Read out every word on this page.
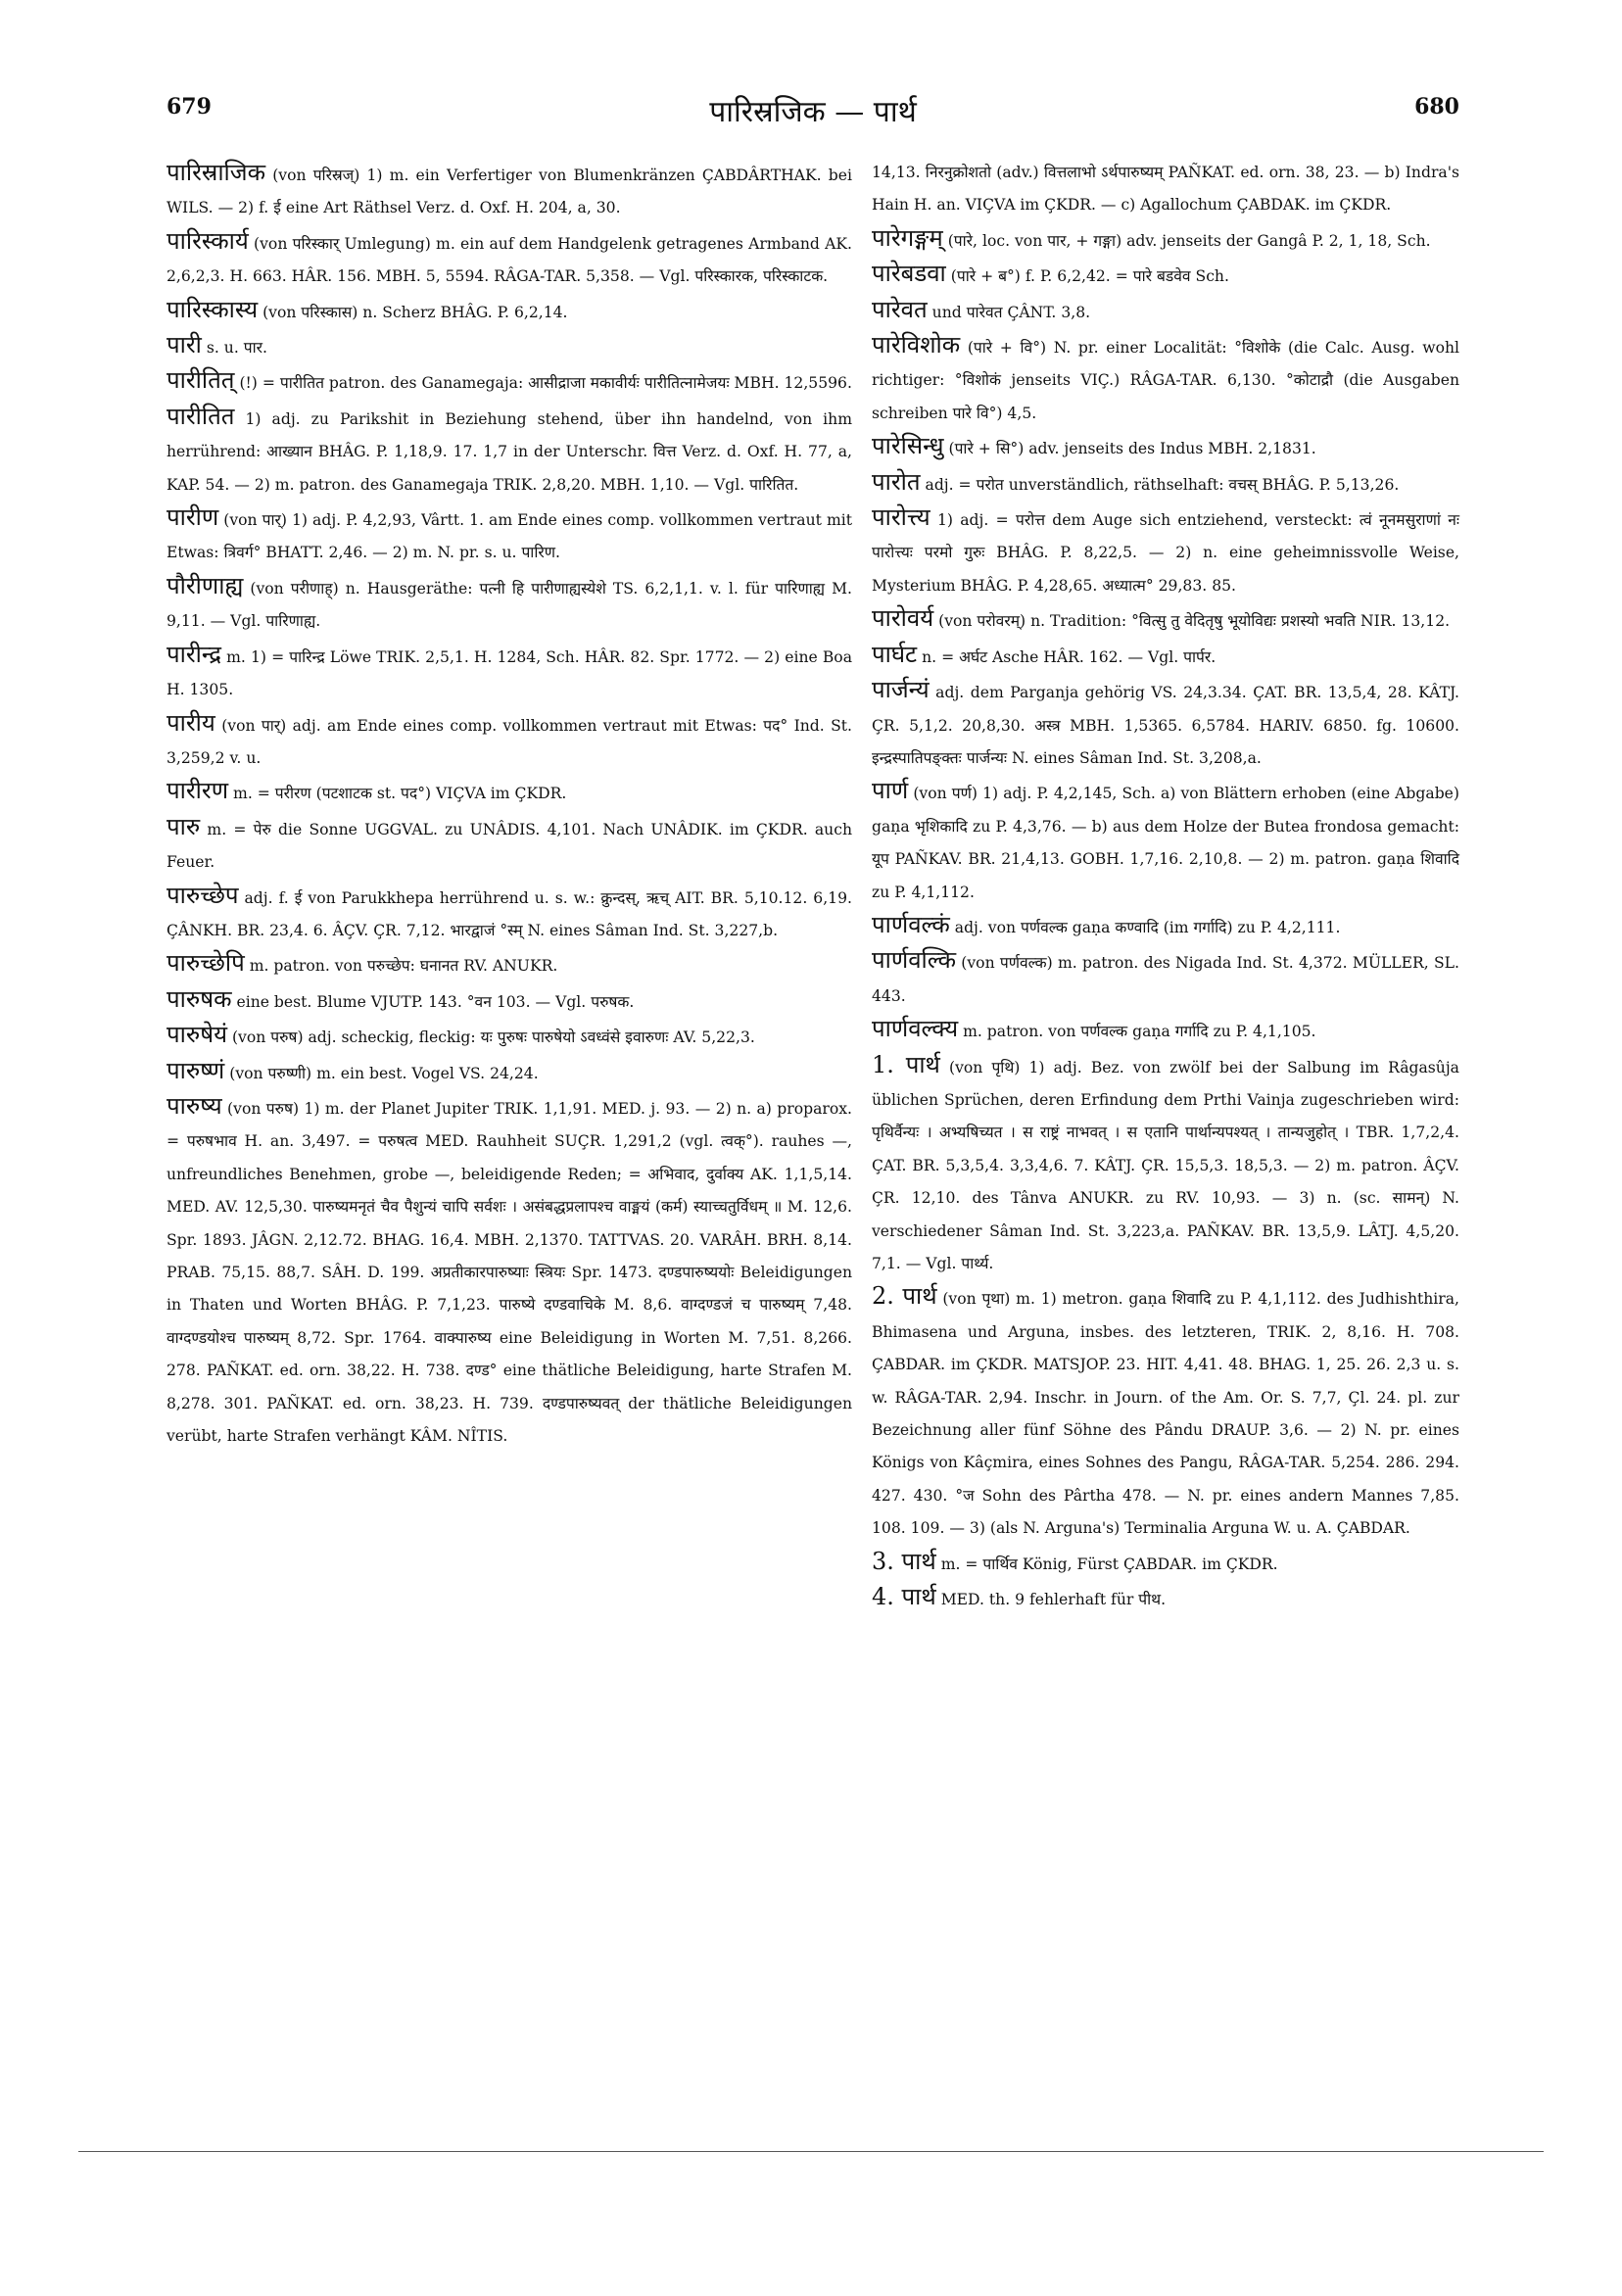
679	पारिस्रजिक — पार्थ	680

पारिस्राजिक (von परिस्रज्) 1) m. ein Verfertiger von Blumenkränzen ÇABDÂRTHAK. bei WILS. — 2) f. ई eine Art Räthsel Verz. d. Oxf. H. 204, a, 30.

पारिस्कार्य (von परिस्कार् Umlegung) m. ein auf dem Handgelenk getragenes Armband AK. 2,6,2,3. H. 663. HÂR. 156. MBH. 5, 5594. RÂGA-TAR. 5,358. — Vgl. परिस्कारक, परिस्काटक.

पारिस्कास्य (von परिस्कास) n. Scherz BHÂG. P. 6,2,14.

पारी s. u. पार.

पारीतित् (!) = पारीतित patron. des Ganamegaja: आसीद्राजा मकावीर्यः पारीतित्नामेजयः MBH. 12,5596.

पारीतित 1) adj. zu Parikshit in Beziehung stehend, über ihn handelnd, von ihm herrührend: आख्यान BHÂG. P. 1,18,9. 17. 1,7 in der Unterschr. वित्त Verz. d. Oxf. H. 77, a, KAP. 54. — 2) m. patron. des Ganamegaja TRIK. 2,8,20. MBH. 1,10. — Vgl. पारितित.

पारीण (von पार्) 1) adj. P. 4,2,93, Vârtt. 1. am Ende eines comp. vollkommen vertraut mit Etwas: त्रिवर्ग° BHATT. 2,46. — 2) m. N. pr. s. u. पारिण.

पौरीणाह्य (von परीणाह्) n. Hausgeräthe: पत्नी हि पारीणाह्यस्येशे TS. 6,2,1,1. v. l. für पारिणाह्य M. 9,11. — Vgl. पारिणाह्य.

पारीन्द्र m. 1) = पारिन्द्र Löwe TRIK. 2,5,1. H. 1284, Sch. HÂR. 82. Spr. 1772. — 2) eine Boa H. 1305.

पारीय (von पार्) adj. am Ende eines comp. vollkommen vertraut mit Etwas: पद° Ind. St. 3,259,2 v. u.

पारीरण m. = परीरण (पटशाटक st. पद°) VIÇVA im ÇKDR.

पारु m. = पेरु die Sonne UGGVAL. zu UNÂDIS. 4,101. Nach UNÂDIK. im ÇKDR. auch Feuer.

पारुच्छेप adj. f. ई von Parukkhepa herrührend u. s. w.: क्रुन्दस्, ऋच् AIT. BR. 5,10.12. 6,19. ÇÂNKH. BR. 23,4. 6. ÂÇV. ÇR. 7,12. भारद्वाजं °स्म् N. eines Sâman Ind. St. 3,227,b.

पारुच्छेपि m. patron. von परुच्छेप: घनानत RV. ANUKR.

पारुषक eine best. Blume VJUTP. 143. °वन 103. — Vgl. परुषक.

पारुषेयं (von परुष) adj. scheckig, fleckig: यः पुरुषः पारुषेयो ऽवध्वंसे इवारुणः AV. 5,22,3.

पारुष्णं (von परुष्णी) m. ein best. Vogel VS. 24,24.

पारुष्य (von परुष) 1) m. der Planet Jupiter TRIK. 1,1,91. MED. j. 93. — 2) n. a) proparox. = परुषभाव H. an. 3,497. = परुषत्व MED. Rauhheit SUÇR. 1,291,2 (vgl. त्वक्°). rauhes —, unfreundliches Benehmen, grobe —, beleidigende Reden; = अभिवाद, दुर्वाक्य AK. 1,1,5,14. MED. AV. 12,5,30. पारुष्यमनृतं चैव पैशुन्यं चापि सर्वशः । असंबद्धप्रलापश्च वाङ्मयं (कर्म) स्याच्चतुर्विधम् ॥ M. 12,6. Spr. 1893. JÂGN. 2,12.72. BHAG. 16,4. MBH. 2,1370. TATTVAS. 20. VARÂH. BRH. 8,14. PRAB. 75,15. 88,7. SÂH. D. 199. अप्रतीकारपारुष्याः स्त्रियः Spr. 1473. दण्डपारुष्ययोः Beleidigungen in Thaten und Worten BHÂG. P. 7,1,23. पारुष्ये दण्डवाचिके M. 8,6. वाग्दण्डजं च पारुष्यम् 7,48. वाग्दण्डयोश्च पारुष्यम् 8,72. Spr. 1764. वाक्पारुष्य eine Beleidigung in Worten M. 7,51. 8,266. 278. PAÑKAT. ed. orn. 38,22. H. 738. दण्ड° eine thätliche Beleidigung, harte Strafen M. 8,278. 301. PAÑKAT. ed. orn. 38,23. H. 739. दण्डपारुष्यवत् der thätliche Beleidigungen verübt, harte Strafen verhängt KÂM. NÎTIS.

14,13. निरनुक्रोशतो (adv.) वित्तलाभो ऽर्थपारुष्यम् PAÑKAT. ed. orn. 38, 23. — b) Indra's Hain H. an. VIÇVA im ÇKDR. — c) Agallochum ÇABDAK. im ÇKDR.

पारेगङ्गम् (पारे, loc. von पार, + गङ्गा) adv. jenseits der Gangâ P. 2, 1, 18, Sch.

पारेबडवा (पारे + ब°) f. P. 6,2,42. = पारे बडवेव Sch.

पारेवत und पारेवत ÇÂNT. 3,8.

पारेविशोक (पारे + वि°) N. pr. einer Localität: °विशोके (die Calc. Ausg. wohl richtiger: °विशोकं jenseits VIÇ.) RÂGA-TAR. 6,130. °कोटाद्रौ (die Ausgaben schreiben पारे वि°) 4,5.

पारेसिन्धु (पारे + सि°) adv. jenseits des Indus MBH. 2,1831.

पारोत adj. = परोत unverständlich, räthselhaft: वचस् BHÂG. P. 5,13,26.

पारोत्त्य 1) adj. = परोत्त dem Auge sich entziehend, versteckt: त्वं नूनमसुराणां नः पारोत्त्यः परमो गुरुः BHÂG. P. 8,22,5. — 2) n. eine geheimnissvolle Weise, Mysterium BHÂG. P. 4,28,65. अध्यात्म° 29,83. 85.

पारोवर्य (von परोवरम्) n. Tradition: °वित्सु तु वेदितृषु भूयोविद्यः प्रशस्यो भवति NIR. 13,12.

पार्घट n. = अर्घट Asche HÂR. 162. — Vgl. पार्पर.

पार्जन्यं adj. dem Parganja gehörig VS. 24,3.34. ÇAT. BR. 13,5,4, 28. KÂTJ. ÇR. 5,1,2. 20,8,30. अस्त्र MBH. 1,5365. 6,5784. HARIV. 6850. fg. 10600. इन्द्रस्पातिपङ्क्तः पार्जन्यः N. eines Sâman Ind. St. 3,208,a.

पार्ण (von पर्ण) 1) adj. P. 4,2,145, Sch. a) von Blättern erhoben (eine Abgabe) gaṇa भृशिकादि zu P. 4,3,76. — b) aus dem Holze der Butea frondosa gemacht: यूप PAÑKAV. BR. 21,4,13. GOBH. 1,7,16. 2,10,8. — 2) m. patron. gaṇa शिवादि zu P. 4,1,112.

पार्णवल्कं adj. von पर्णवल्क gaṇa कण्वादि (im गर्गादि) zu P. 4,2,111.

पार्णवल्कि (von पर्णवल्क) m. patron. des Nigada Ind. St. 4,372. MÜLLER, SL. 443.

पार्णवल्क्य m. patron. von पर्णवल्क gaṇa गर्गादि zu P. 4,1,105.

1. पार्थ (von पृथि) 1) adj. Bez. von zwölf bei der Salbung im Râgasûja üblichen Sprüchen, deren Erfindung dem Prthi Vainja zugeschrieben wird: पृथिर्वैन्यः । अभ्यषिच्यत । स राष्ट्रं नाभवत् । स एतानि पार्थान्यपश्यत् । तान्यजुहोत् । TBR. 1,7,2,4. ÇAT. BR. 5,3,5,4. 3,3,4,6. 7. KÂTJ. ÇR. 15,5,3. 18,5,3. — 2) m. patron. ÂÇV. ÇR. 12,10. des Tânva ANUKR. zu RV. 10,93. — 3) n. (sc. सामन्) N. verschiedener Sâman Ind. St. 3,223,a. PAÑKAV. BR. 13,5,9. LÂTJ. 4,5,20. 7,1. — Vgl. पार्थ्य.

2. पार्थ (von पृथा) m. 1) metron. gaṇa शिवादि zu P. 4,1,112. des Judhishthira, Bhimasena und Arguna, insbes. des letzteren, TRIK. 2, 8,16. H. 708. ÇABDAR. im ÇKDR. MATSJOP. 23. HIT. 4,41. 48. BHAG. 1, 25. 26. 2,3 u. s. w. RÂGA-TAR. 2,94. Inschr. in Journ. of the Am. Or. S. 7,7, Çl. 24. pl. zur Bezeichnung aller fünf Söhne des Pându DRAUP. 3,6. — 2) N. pr. eines Königs von Kâçmira, eines Sohnes des Pangu, RÂGA-TAR. 5,254. 286. 294. 427. 430. °ज Sohn des Pârtha 478. — N. pr. eines andern Mannes 7,85. 108. 109. — 3) (als N. Arguna's) Terminalia Arguna W. u. A. ÇABDAR.

3. पार्थ m. = पार्थिव König, Fürst ÇABDAR. im ÇKDR.

4. पार्थ MED. th. 9 fehlerhaft für पीथ.
